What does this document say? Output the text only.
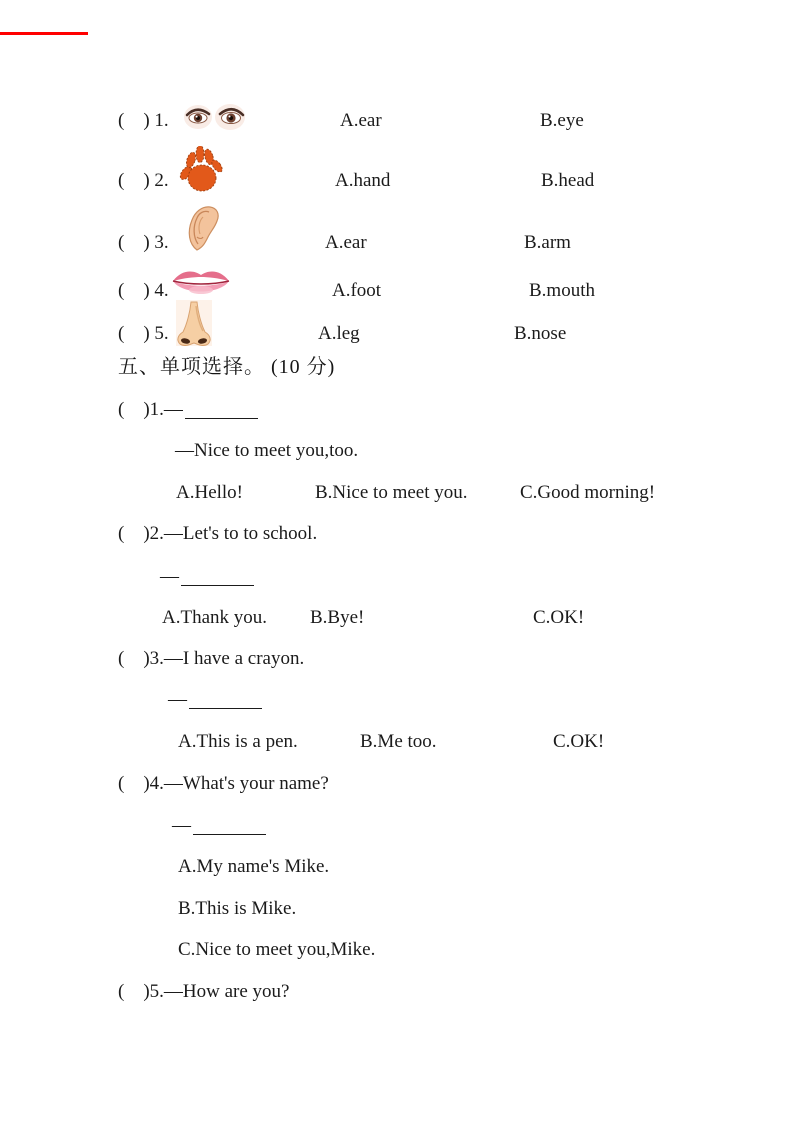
(    ) 1.	A.ear	B.eye
(    ) 2.	A.hand	B.head
(    ) 3.	A.ear	B.arm
(    ) 4.	A.foot	B.mouth
(    ) 5.	A.leg	B.nose
五、单项选择。 (10 分)
(    )1.—
—Nice to meet you,too.
A.Hello!	B.Nice to meet you.	C.Good morning!
(    )2.—Let's to to school.
—
A.Thank you. B.Bye!	C.OK!
(    )3.—I have a crayon.
—
A.This is a pen.	B.Me too.	C.OK!
(    )4.—What's your name?
—
A.My name's Mike.
B.This is Mike.
C.Nice to meet you,Mike.
(    )5.—How are you?
